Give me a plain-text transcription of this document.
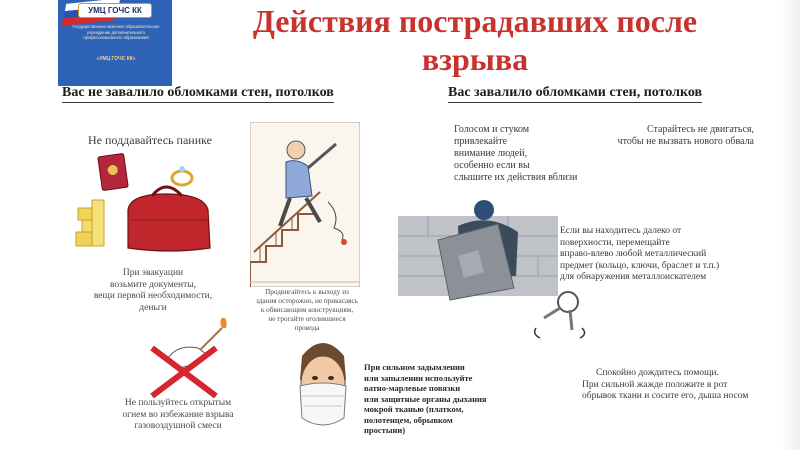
УМЦ ГОЧС КК
Государственное казенное образовательное учреждение дополнительного профессионального образования
«УМЦ ГОЧС КК»
Действия пострадавших после
взрыва
Вас не завалило обломками стен, потолков	Вас завалило обломками стен, потолков
Не поддавайтесь панике
При эвакуации
возьмите документы,
вещи первой необходимости,
деньги
Продвигайтесь к выходу из
здания осторожно, не прикасаясь
к обвисающим конструкциям,
не трогайте оголившиеся
провода
Не пользуйтесь открытым
огнем во избежание взрыва
газовоздушной смеси
При сильном задымлении
или запылении используйте
ватно-марлевые повязки
или защитные органы дыхания
мокрой тканью (платком,
полотенцем, обрывком
простыни)
Голосом и стуком
привлекайте
внимание людей,
особенно если вы
слышите их действия вблизи
Старайтесь не двигаться,
чтобы не вызвать нового обвала
Если вы находитесь далеко от
поверхности, перемещайте
вправо-влево любой металлический
предмет (кольцо, ключи, браслет и т.п.)
для обнаружения металлоискателем
Спокойно дождитесь помощи.
При сильной жажде положите в рот
обрывок ткани и сосите его, дыша носом
